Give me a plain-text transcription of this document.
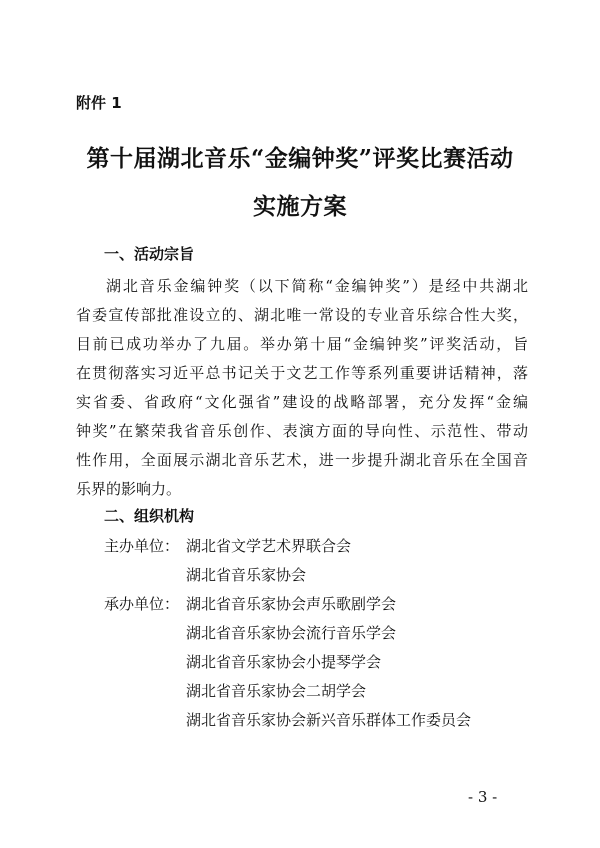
附件 1
第十届湖北音乐“金编钟奖”评奖比赛活动
实施方案
一、活动宗旨
湖北音乐金编钟奖（以下简称“金编钟奖”）是经中共湖北
省委宣传部批准设立的、湖北唯一常设的专业音乐综合性大奖，
目前已成功举办了九届。举办第十届“金编钟奖”评奖活动，旨
在贯彻落实习近平总书记关于文艺工作等系列重要讲话精神，落
实省委、省政府“文化强省”建设的战略部署，充分发挥“金编
钟奖”在繁荣我省音乐创作、表演方面的导向性、示范性、带动
性作用，全面展示湖北音乐艺术，进一步提升湖北音乐在全国音
乐界的影响力。
二、组织机构
主办单位： 湖北省文学艺术界联合会
湖北省音乐家协会
承办单位： 湖北省音乐家协会声乐歌剧学会
湖北省音乐家协会流行音乐学会
湖北省音乐家协会小提琴学会
湖北省音乐家协会二胡学会
湖北省音乐家协会新兴音乐群体工作委员会
- 3 -
